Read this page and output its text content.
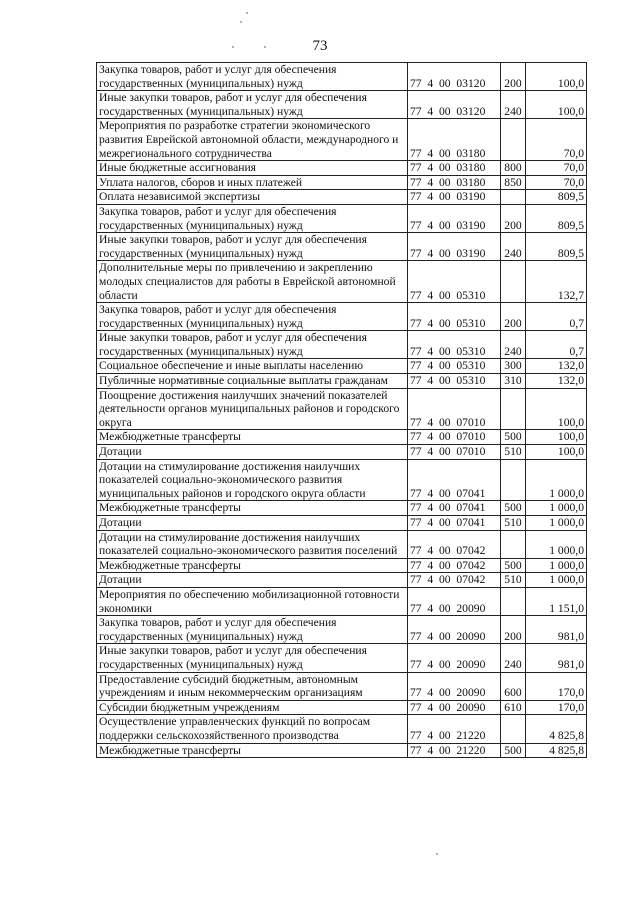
73
Закупка товаров, работ и услуг для обеспечения государственных (муниципальных) нужд	77  4  00  03120	200	100,0
Иные закупки товаров, работ и услуг для обеспечения государственных (муниципальных) нужд	77  4  00  03120	240	100,0
Мероприятия по разработке стратегии экономического развития Еврейской автономной области, международного и межрегионального сотрудничества	77  4  00  03180		70,0
Иные бюджетные ассигнования	77  4  00  03180	800	70,0
Уплата налогов, сборов и иных платежей	77  4  00  03180	850	70,0
Оплата независимой экспертизы	77  4  00  03190		809,5
Закупка товаров, работ и услуг для обеспечения государственных (муниципальных) нужд	77  4  00  03190	200	809,5
Иные закупки товаров, работ и услуг для обеспечения государственных (муниципальных) нужд	77  4  00  03190	240	809,5
Дополнительные меры по привлечению и закреплению молодых специалистов для работы в Еврейской автономной области	77  4  00  05310		132,7
Закупка товаров, работ и услуг для обеспечения государственных (муниципальных) нужд	77  4  00  05310	200	0,7
Иные закупки товаров, работ и услуг для обеспечения государственных (муниципальных) нужд	77  4  00  05310	240	0,7
Социальное обеспечение и иные выплаты населению	77  4  00  05310	300	132,0
Публичные нормативные социальные выплаты гражданам	77  4  00  05310	310	132,0
Поощрение достижения наилучших значений показателей деятельности органов муниципальных районов и городского округа	77  4  00  07010		100,0
Межбюджетные трансферты	77  4  00  07010	500	100,0
Дотации	77  4  00  07010	510	100,0
Дотации на стимулирование достижения наилучших показателей социально-экономического развития муниципальных районов и городского округа области	77  4  00  07041		1 000,0
Межбюджетные трансферты	77  4  00  07041	500	1 000,0
Дотации	77  4  00  07041	510	1 000,0
Дотации на стимулирование достижения наилучших показателей социально-экономического развития поселений	77  4  00  07042		1 000,0
Межбюджетные трансферты	77  4  00  07042	500	1 000,0
Дотации	77  4  00  07042	510	1 000,0
Мероприятия по обеспечению мобилизационной готовности экономики	77  4  00  20090		1 151,0
Закупка товаров, работ и услуг для обеспечения государственных (муниципальных) нужд	77  4  00  20090	200	981,0
Иные закупки товаров, работ и услуг для обеспечения государственных (муниципальных) нужд	77  4  00  20090	240	981,0
Предоставление субсидий бюджетным, автономным учреждениям и иным некоммерческим организациям	77  4  00  20090	600	170,0
Субсидии бюджетным учреждениям	77  4  00  20090	610	170,0
Осуществление управленческих функций по вопросам поддержки сельскохозяйственного производства	77  4  00  21220		4 825,8
Межбюджетные трансферты	77  4  00  21220	500	4 825,8
